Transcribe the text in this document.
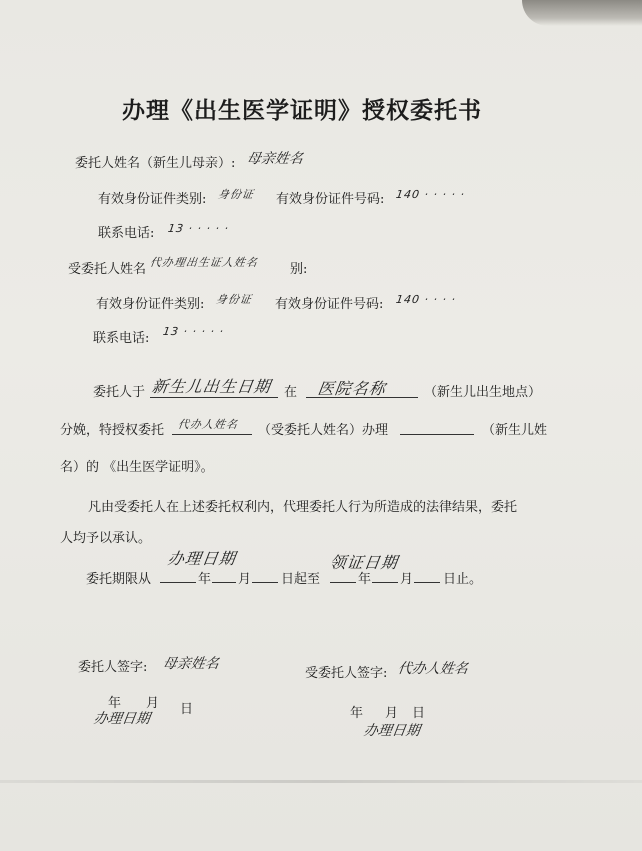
办理《出生医学证明》授权委托书
委托人姓名（新生儿母亲）: 母亲姓名
有效身份证件类别: 身份证 有效身份证件号码: 140 · · · · ·
联系电话: 13 · · · · ·
受委托人姓名 代办理出生证人姓名 别:
有效身份证件类别: 身份证 有效身份证件号码: 140 · · · ·
联系电话: 13 · · · · ·
委托人于 新生儿出生日期 在 医院名称	（新生儿出生地点）
分娩，特授权委托 代办人姓名 （受委托人姓名）办理	（新生儿姓
名）的 《出生医学证明》。
凡由受委托人在上述委托权利内，代理委托人行为所造成的法律结果，委托
人均予以承认。
办理日期	领证日期
委托期限从	年 月 日起至	年 月 日止。
委托人签字: 母亲姓名
受委托人签字: 代办人姓名
年 月 日
办理日期	年 月 日
办理日期
